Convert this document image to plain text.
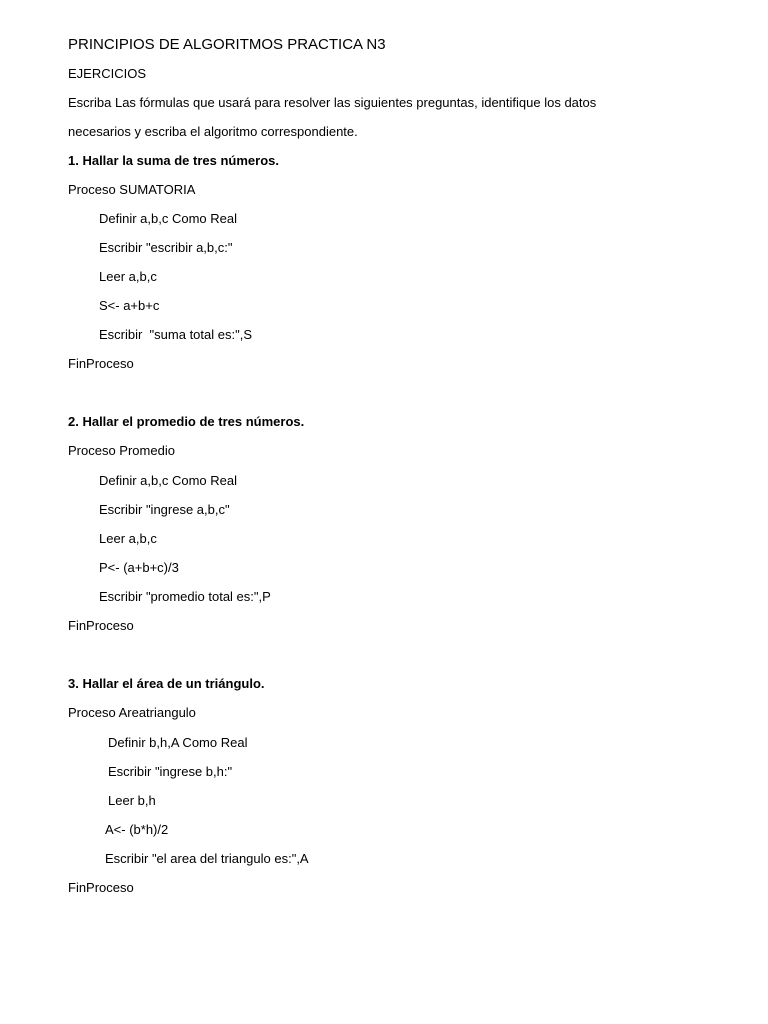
PRINCIPIOS DE ALGORITMOS PRACTICA N3
EJERCICIOS
Escriba Las fórmulas que usará para resolver las siguientes preguntas, identifique los datos
necesarios y escriba el algoritmo correspondiente.
1. Hallar la suma de tres números.
Proceso SUMATORIA
Definir a,b,c Como Real
Escribir "escribir a,b,c:"
Leer a,b,c
S<- a+b+c
Escribir  "suma total es:",S
FinProceso
2. Hallar el promedio de tres números.
Proceso Promedio
Definir a,b,c Como Real
Escribir "ingrese a,b,c"
Leer a,b,c
P<- (a+b+c)/3
Escribir "promedio total es:",P
FinProceso
3. Hallar el área de un triángulo.
Proceso Areatriangulo
Definir b,h,A Como Real
Escribir "ingrese b,h:"
Leer b,h
A<- (b*h)/2
Escribir "el area del triangulo es:",A
FinProceso
